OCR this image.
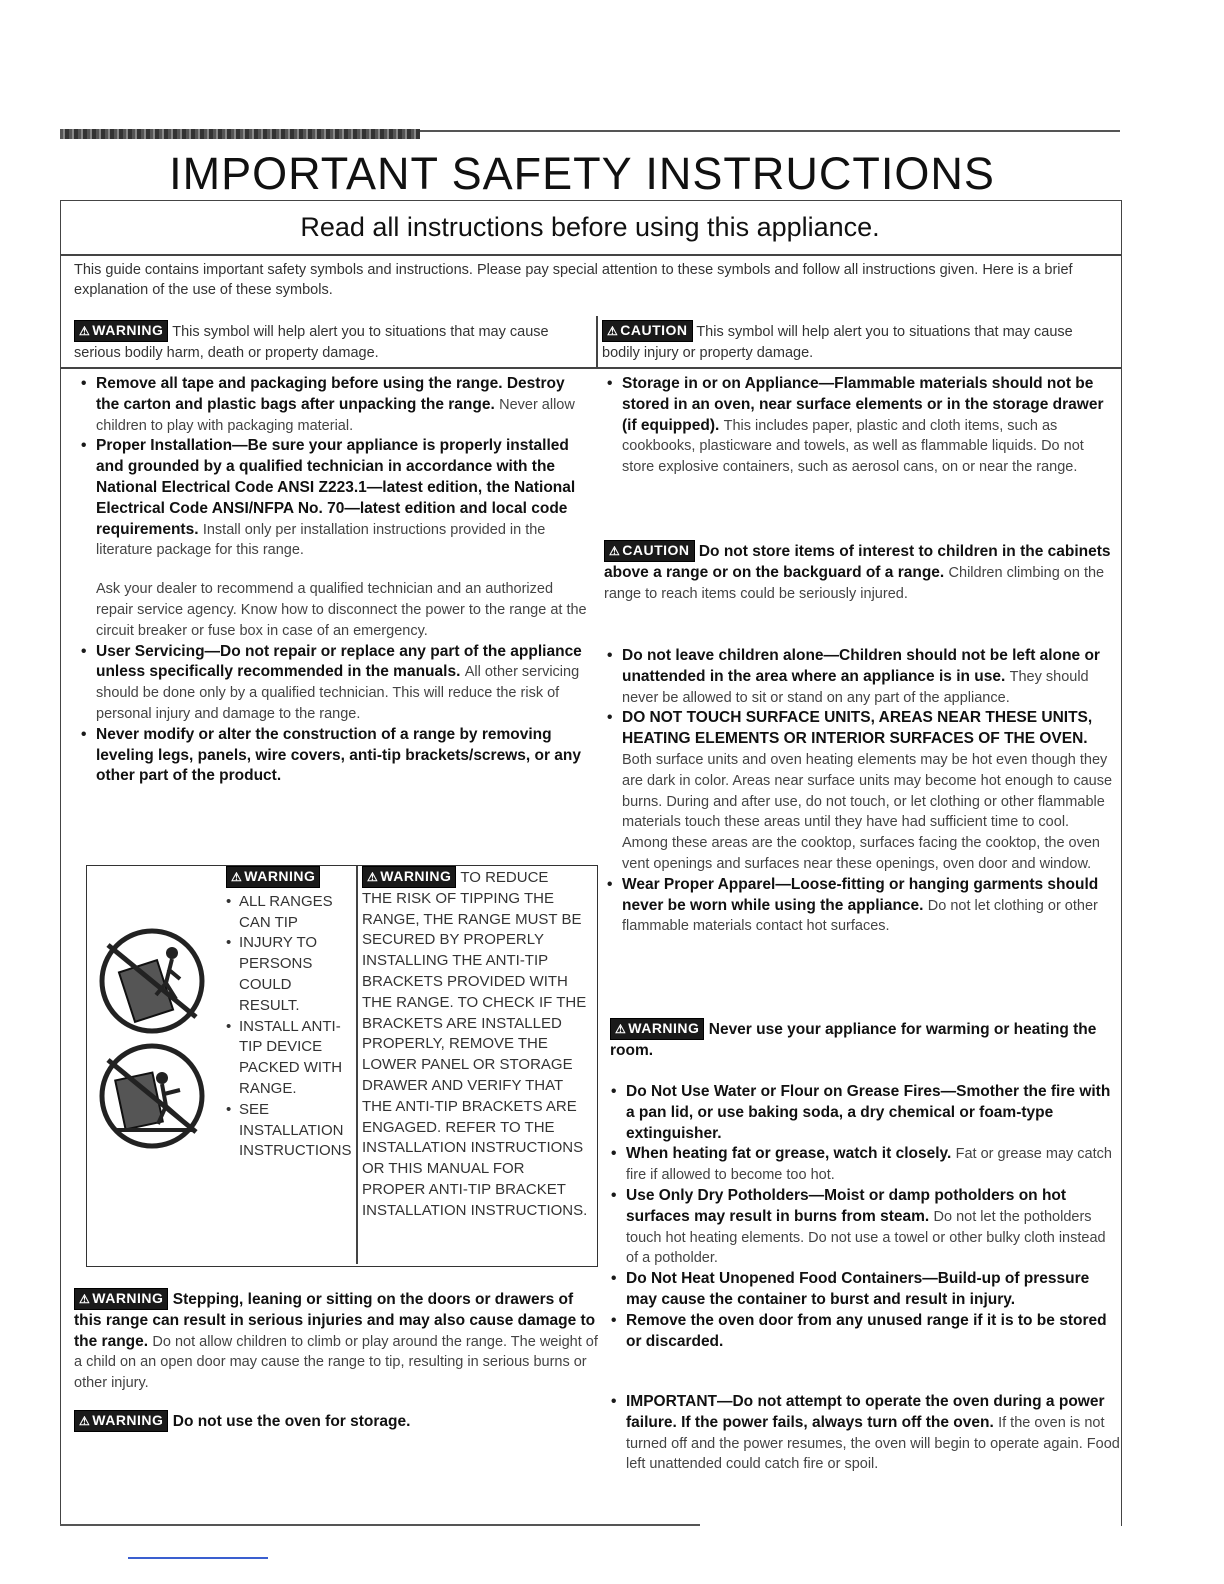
IMPORTANT SAFETY INSTRUCTIONS
Read all instructions before using this appliance.
This guide contains important safety symbols and instructions. Please pay special attention to these symbols and follow all instructions given. Here is a brief explanation of the use of these symbols.
⚠ WARNING This symbol will help alert you to situations that may cause serious bodily harm, death or property damage.
⚠ CAUTION This symbol will help alert you to situations that may cause bodily injury or property damage.
• Remove all tape and packaging before using the range. Destroy the carton and plastic bags after unpacking the range. Never allow children to play with packaging material.
• Proper Installation—Be sure your appliance is properly installed and grounded by a qualified technician in accordance with the National Electrical Code ANSI Z223.1—latest edition, the National Electrical Code ANSI/NFPA No. 70—latest edition and local code requirements. Install only per installation instructions provided in the literature package for this range.
Ask your dealer to recommend a qualified technician and an authorized repair service agency. Know how to disconnect the power to the range at the circuit breaker or fuse box in case of an emergency.
• User Servicing—Do not repair or replace any part of the appliance unless specifically recommended in the manuals. All other servicing should be done only by a qualified technician. This will reduce the risk of personal injury and damage to the range.
• Never modify or alter the construction of a range by removing leveling legs, panels, wire covers, anti-tip brackets/screws, or any other part of the product.
⚠ WARNING
• ALL RANGES CAN TIP
• INJURY TO PERSONS COULD RESULT.
• INSTALL ANTI-TIP DEVICE PACKED WITH RANGE.
• SEE INSTALLATION INSTRUCTIONS
⚠ WARNING TO REDUCE
THE RISK OF TIPPING THE RANGE, THE RANGE MUST BE SECURED BY PROPERLY INSTALLING THE ANTI-TIP BRACKETS PROVIDED WITH THE RANGE. TO CHECK IF THE BRACKETS ARE INSTALLED PROPERLY, REMOVE THE LOWER PANEL OR STORAGE DRAWER AND VERIFY THAT THE ANTI-TIP BRACKETS ARE ENGAGED. REFER TO THE INSTALLATION INSTRUCTIONS OR THIS MANUAL FOR PROPER ANTI-TIP BRACKET INSTALLATION INSTRUCTIONS.
⚠ WARNING Stepping, leaning or sitting on the doors or drawers of this range can result in serious injuries and may also cause damage to the range. Do not allow children to climb or play around the range. The weight of a child on an open door may cause the range to tip, resulting in serious burns or other injury.
⚠ WARNING Do not use the oven for storage.
• Storage in or on Appliance—Flammable materials should not be stored in an oven, near surface elements or in the storage drawer (if equipped). This includes paper, plastic and cloth items, such as cookbooks, plasticware and towels, as well as flammable liquids. Do not store explosive containers, such as aerosol cans, on or near the range.
⚠ CAUTION Do not store items of interest to children in the cabinets above a range or on the backguard of a range. Children climbing on the range to reach items could be seriously injured.
• Do not leave children alone—Children should not be left alone or unattended in the area where an appliance is in use. They should never be allowed to sit or stand on any part of the appliance.
• DO NOT TOUCH SURFACE UNITS, AREAS NEAR THESE UNITS, HEATING ELEMENTS OR INTERIOR SURFACES OF THE OVEN. Both surface units and oven heating elements may be hot even though they are dark in color. Areas near surface units may become hot enough to cause burns. During and after use, do not touch, or let clothing or other flammable materials touch these areas until they have had sufficient time to cool. Among these areas are the cooktop, surfaces facing the cooktop, the oven vent openings and surfaces near these openings, oven door and window.
• Wear Proper Apparel—Loose-fitting or hanging garments should never be worn while using the appliance. Do not let clothing or other flammable materials contact hot surfaces.
⚠ WARNING Never use your appliance for warming or heating the room.
• Do Not Use Water or Flour on Grease Fires—Smother the fire with a pan lid, or use baking soda, a dry chemical or foam-type extinguisher.
• When heating fat or grease, watch it closely. Fat or grease may catch fire if allowed to become too hot.
• Use Only Dry Potholders—Moist or damp potholders on hot surfaces may result in burns from steam. Do not let the potholders touch hot heating elements. Do not use a towel or other bulky cloth instead of a potholder.
• Do Not Heat Unopened Food Containers—Build-up of pressure may cause the container to burst and result in injury.
• Remove the oven door from any unused range if it is to be stored or discarded.
• IMPORTANT—Do not attempt to operate the oven during a power failure. If the power fails, always turn off the oven. If the oven is not turned off and the power resumes, the oven will begin to operate again. Food left unattended could catch fire or spoil.
